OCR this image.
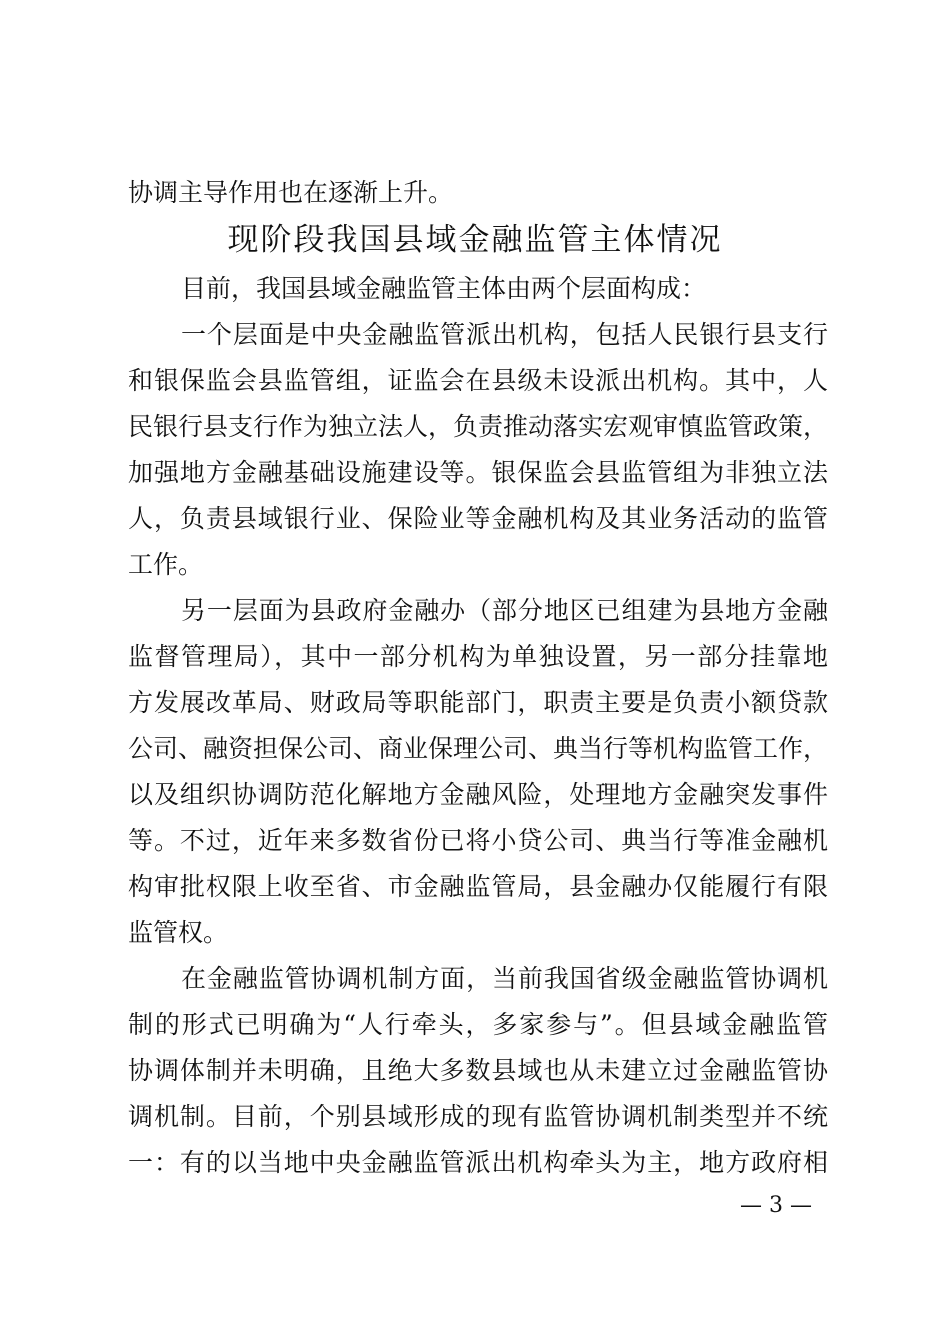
协调主导作用也在逐渐上升。
现阶段我国县域金融监管主体情况
目前，我国县域金融监管主体由两个层面构成：
一个层面是中央金融监管派出机构，包括人民银行县支行
和银保监会县监管组，证监会在县级未设派出机构。其中，人
民银行县支行作为独立法人，负责推动落实宏观审慎监管政策，
加强地方金融基础设施建设等。银保监会县监管组为非独立法
人，负责县域银行业、保险业等金融机构及其业务活动的监管
工作。
另一层面为县政府金融办（部分地区已组建为县地方金融
监督管理局），其中一部分机构为单独设置，另一部分挂靠地
方发展改革局、财政局等职能部门，职责主要是负责小额贷款
公司、融资担保公司、商业保理公司、典当行等机构监管工作，
以及组织协调防范化解地方金融风险，处理地方金融突发事件
等。不过，近年来多数省份已将小贷公司、典当行等准金融机
构审批权限上收至省、市金融监管局，县金融办仅能履行有限
监管权。
在金融监管协调机制方面，当前我国省级金融监管协调机
制的形式已明确为“人行牵头，多家参与”。但县域金融监管
协调体制并未明确，且绝大多数县域也从未建立过金融监管协
调机制。目前，个别县域形成的现有监管协调机制类型并不统
一：有的以当地中央金融监管派出机构牵头为主，地方政府相
— 3 —
